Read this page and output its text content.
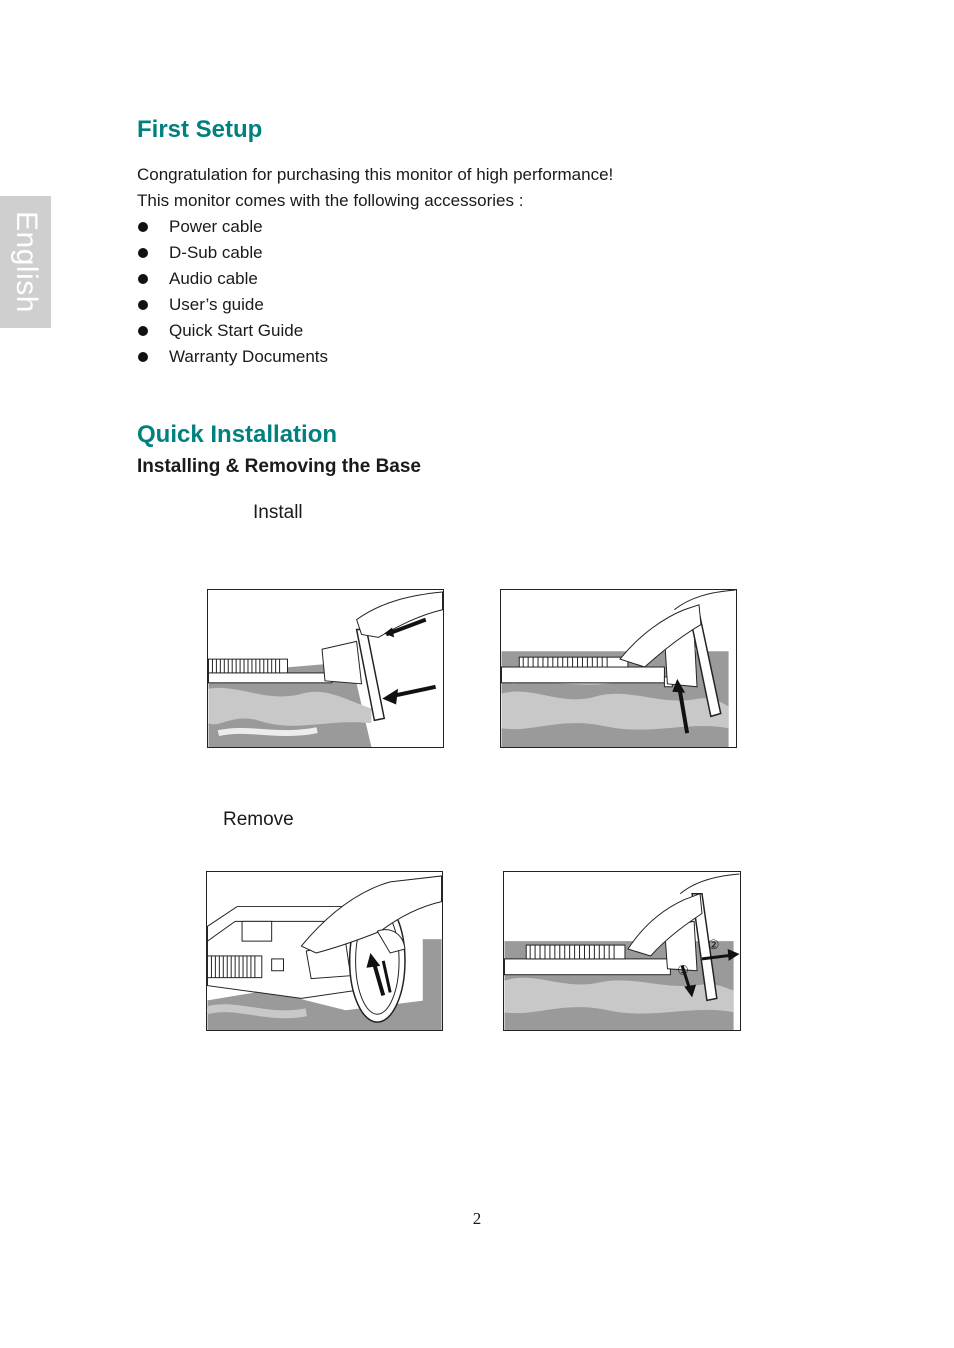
English
First Setup

Congratulation for purchasing this monitor of high performance!

This monitor comes with the following accessories :

Power cable
D-Sub cable
Audio cable
User’s guide
Quick Start Guide
Warranty Documents
Quick Installation
Installing & Removing the Base

Install

Remove

①
②
2
